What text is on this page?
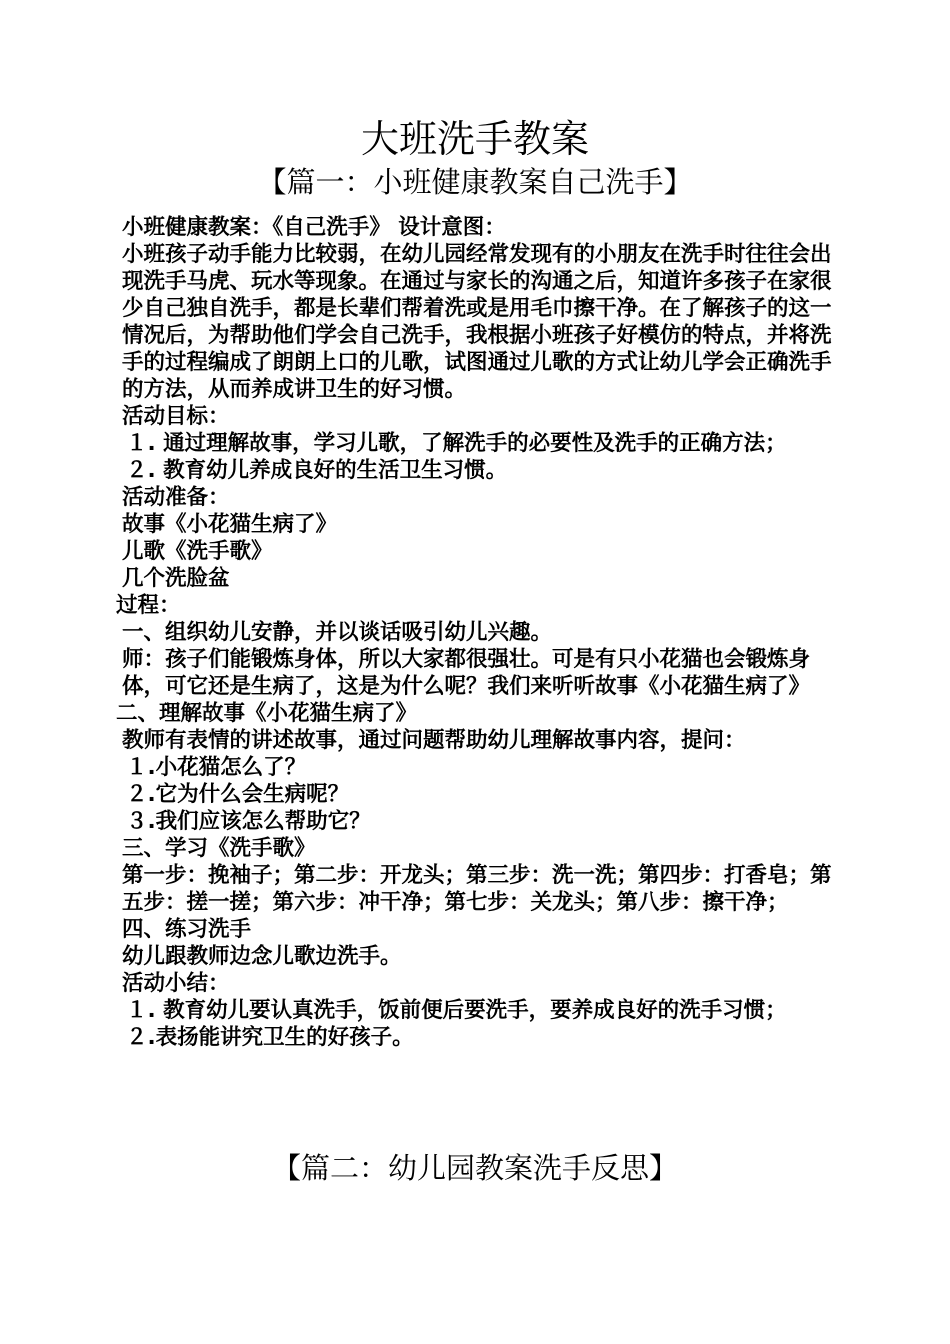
大班洗手教案
【篇一：小班健康教案自己洗手】

小班健康教案：《自己洗手》 设计意图：

小班孩子动手能力比较弱，在幼儿园经常发现有的小朋友在洗手时往往会出现洗手马虎、玩水等现象。在通过与家长的沟通之后，知道许多孩子在家很少自己独自洗手，都是长辈们帮着洗或是用毛巾擦干净。在了解孩子的这一情况后，为帮助他们学会自己洗手，我根据小班孩子好模仿的特点，并将洗手的过程编成了朗朗上口的儿歌，试图通过儿歌的方式让幼儿学会正确洗手的方法，从而养成讲卫生的好习惯。

活动目标：

１. 通过理解故事，学习儿歌，了解洗手的必要性及洗手的正确方法；

２. 教育幼儿养成良好的生活卫生习惯。

活动准备：

故事《小花猫生病了》

儿歌《洗手歌》

几个洗脸盆

过程：

一、组织幼儿安静，并以谈话吸引幼儿兴趣。

师：孩子们能锻炼身体，所以大家都很强壮。可是有只小花猫也会锻炼身体，可它还是生病了，这是为什么呢？我们来听听故事《小花猫生病了》

二、理解故事《小花猫生病了》

教师有表情的讲述故事，通过问题帮助幼儿理解故事内容，提问：

１.小花猫怎么了？

２.它为什么会生病呢？

３.我们应该怎么帮助它？

三、学习《洗手歌》

第一步：挽袖子；第二步：开龙头；第三步：洗一洗；第四步：打香皂；第五步：搓一搓；第六步：冲干净；第七步：关龙头；第八步：擦干净；

四、练习洗手

幼儿跟教师边念儿歌边洗手。

活动小结：

１. 教育幼儿要认真洗手，饭前便后要洗手，要养成良好的洗手习惯；

２.表扬能讲究卫生的好孩子。

【篇二：幼儿园教案洗手反思】
